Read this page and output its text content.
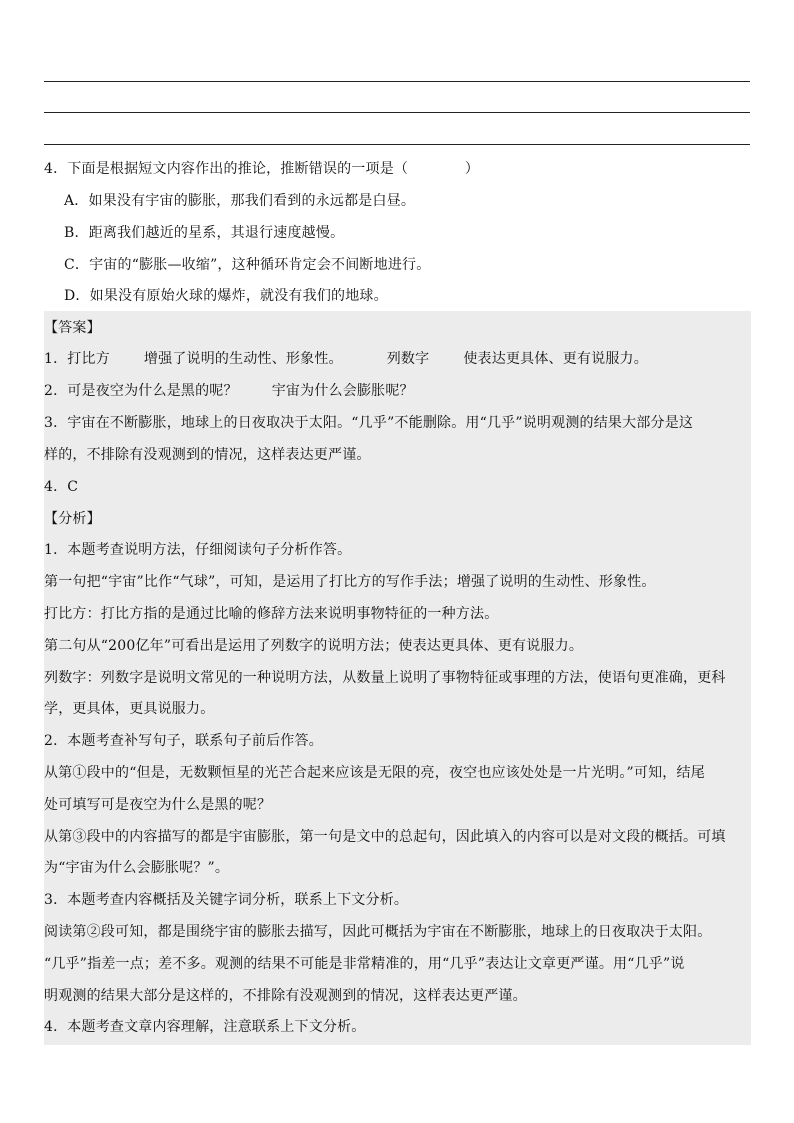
4．下面是根据短文内容作出的推论，推断错误的一项是（　　　　）
A．如果没有宇宙的膨胀，那我们看到的永远都是白昼。
B．距离我们越近的星系，其退行速度越慢。
C．宇宙的“膨胀—收缩”，这种循环肯定会不间断地进行。
D．如果没有原始火球的爆炸，就没有我们的地球。
【答案】
1．打比方 增强了说明的生动性、形象性。	列数字 使表达更具体、更有说服力。
2．可是夜空为什么是黑的呢？ 宇宙为什么会膨胀呢？
3．宇宙在不断膨胀，地球上的日夜取决于太阳。“几乎”不能删除。用“几乎”说明观测的结果大部分是这
样的，不排除有没观测到的情况，这样表达更严谨。
4．C
【分析】
1．本题考查说明方法，仔细阅读句子分析作答。
第一句把“宇宙”比作“气球”，可知，是运用了打比方的写作手法；增强了说明的生动性、形象性。
打比方：打比方指的是通过比喻的修辞方法来说明事物特征的一种方法。
第二句从“200亿年”可看出是运用了列数字的说明方法；使表达更具体、更有说服力。
列数字：列数字是说明文常见的一种说明方法，从数量上说明了事物特征或事理的方法，使语句更准确，更科
学，更具体，更具说服力。
2．本题考查补写句子，联系句子前后作答。
从第①段中的“但是，无数颗恒星的光芒合起来应该是无限的亮，夜空也应该处处是一片光明。”可知，结尾
处可填写可是夜空为什么是黑的呢？
从第③段中的内容描写的都是宇宙膨胀，第一句是文中的总起句，因此填入的内容可以是对文段的概括。可填
为“宇宙为什么会膨胀呢？”。
3．本题考查内容概括及关键字词分析，联系上下文分析。
阅读第②段可知，都是围绕宇宙的膨胀去描写，因此可概括为宇宙在不断膨胀，地球上的日夜取决于太阳。
“几乎”指差一点；差不多。观测的结果不可能是非常精准的，用“几乎”表达让文章更严谨。用“几乎”说
明观测的结果大部分是这样的，不排除有没观测到的情况，这样表达更严谨。
4．本题考查文章内容理解，注意联系上下文分析。
